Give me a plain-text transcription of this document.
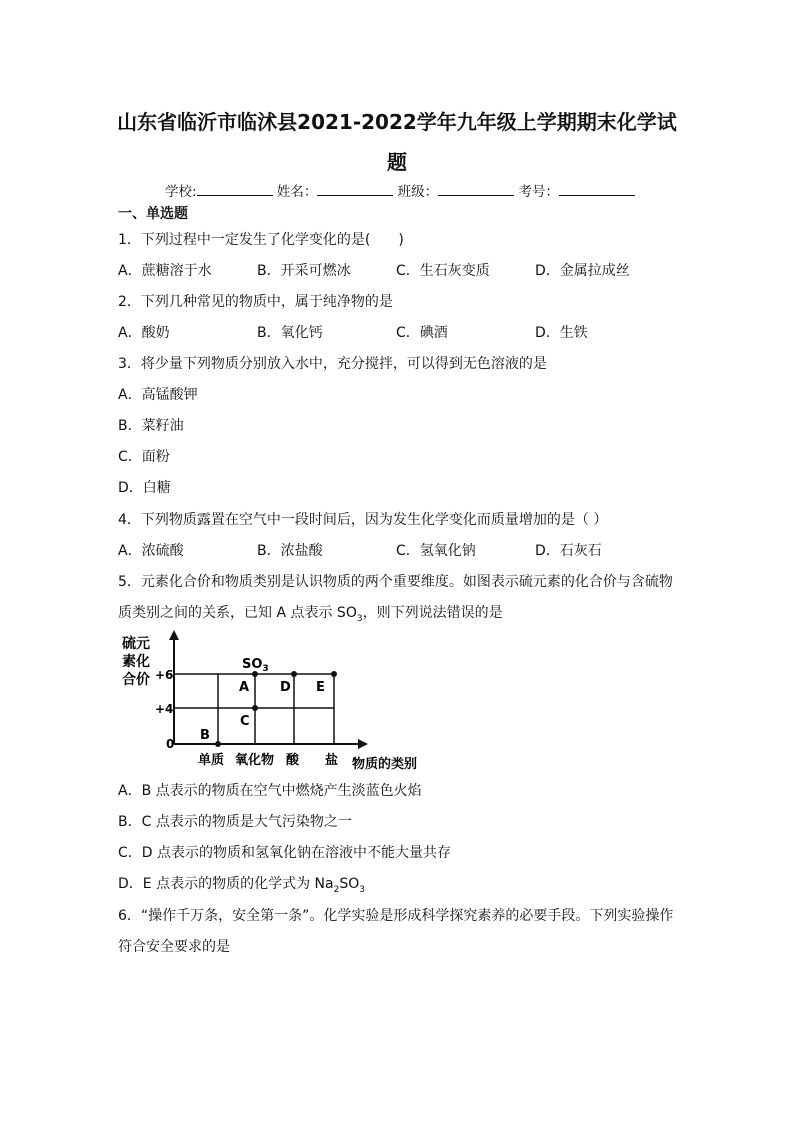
山东省临沂市临沭县2021-2022学年九年级上学期期末化学试
题
学校:	姓名：	班级：	考号：
一、单选题
1．下列过程中一定发生了化学变化的是(　　)
A．蔗糖溶于水	B．开采可燃冰	C．生石灰变质	D．金属拉成丝
2．下列几种常见的物质中，属于纯净物的是
A．酸奶	B．氧化钙	C．碘酒	D．生铁
3．将少量下列物质分别放入水中，充分搅拌，可以得到无色溶液的是
A．高锰酸钾
B．菜籽油
C．面粉
D．白糖
4．下列物质露置在空气中一段时间后，因为发生化学变化而质量增加的是（ ）
A．浓硫酸	B．浓盐酸	C．氢氧化钠	D．石灰石
5．元素化合价和物质类别是认识物质的两个重要维度。如图表示硫元素的化合价与含硫物
质类别之间的关系，已知 A 点表示 $SO_3$，则下列说法错误的是
硫元
素化
合价 +6
+4
0
$SO_3$
A
B
C
D E
单质 氧化物 酸 盐 物质的类别
A．B 点表示的物质在空气中燃烧产生淡蓝色火焰
B．C 点表示的物质是大气污染物之一
C．D 点表示的物质和氢氧化钠在溶液中不能大量共存
D．E 点表示的物质的化学式为 $Na_2SO_3$
6．“操作千万条，安全第一条”。化学实验是形成科学探究素养的必要手段。下列实验操作
符合安全要求的是
